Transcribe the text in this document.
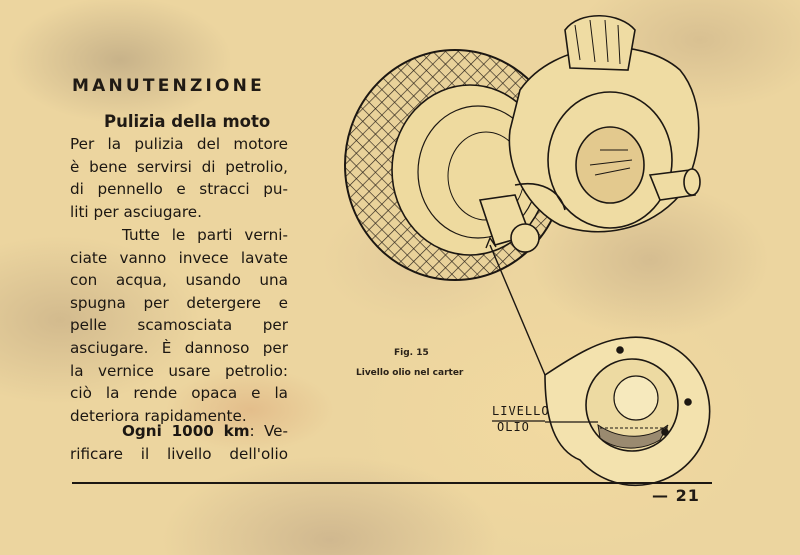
MANUTENZIONE
Pulizia della moto
Per la pulizia del motore
è bene servirsi di petrolio,
di pennello e stracci pu-
liti per asciugare.
Tutte le parti verni-
ciate vanno invece lavate
con acqua, usando una
spugna per detergere e
pelle scamosciata per
asciugare. È dannoso per
la vernice usare petrolio:
ciò la rende opaca e la
deteriora rapidamente.
Ogni 1000 km: Ve-
rificare il livello dell'olio
Fig. 15
Livello olio nel carter
LIVELLO
OLIO
— 21
